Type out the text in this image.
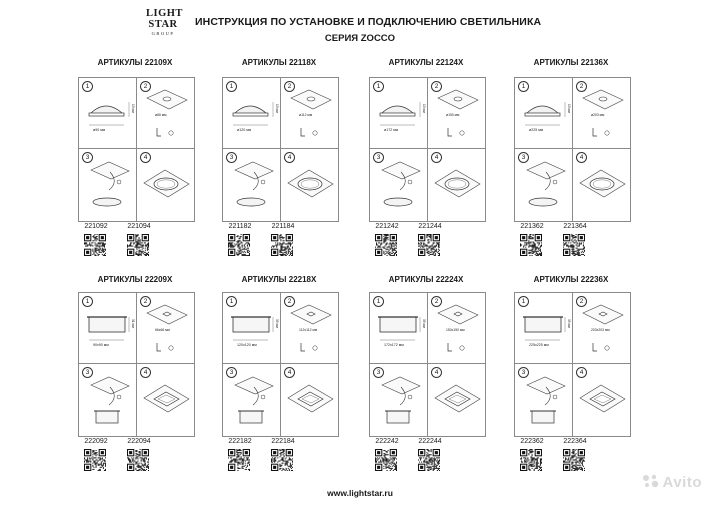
LIGHT
STAR
GROUP
ИНСТРУКЦИЯ ПО УСТАНОВКЕ И ПОДКЛЮЧЕНИЮ СВЕТИЛЬНИКА
СЕРИЯ ZOCCO
АРТИКУЛЫ 22109Х
1	2
3	4
ø90 мм
13 мм
ø66 мм
221092	221094
АРТИКУЛЫ 22118Х
1	2
3	4
ø120 мм
13 мм
ø112 мм
221182	221184
АРТИКУЛЫ 22124Х
1	2
3	4
ø172 мм
13 мм
ø150 мм
221242	221244
АРТИКУЛЫ 22136Х
1	2
3	4
ø225 мм
13 мм
ø203 мм
221362	221364
АРТИКУЛЫ 22209Х
1	2
3	4
90x90 мм
31 мм
66x66 мм
222092	222094
АРТИКУЛЫ 22218Х
1	2
3	4
120x120 мм
35 мм
112x112 мм
222182	222184
АРТИКУЛЫ 22224Х
1	2
3	4
172x172 мм
35 мм
150x150 мм
222242	222244
АРТИКУЛЫ 22236Х
1	2
3	4
225x225 мм
35 мм
203x203 мм
222362	222364
www.lightstar.ru
Avito
